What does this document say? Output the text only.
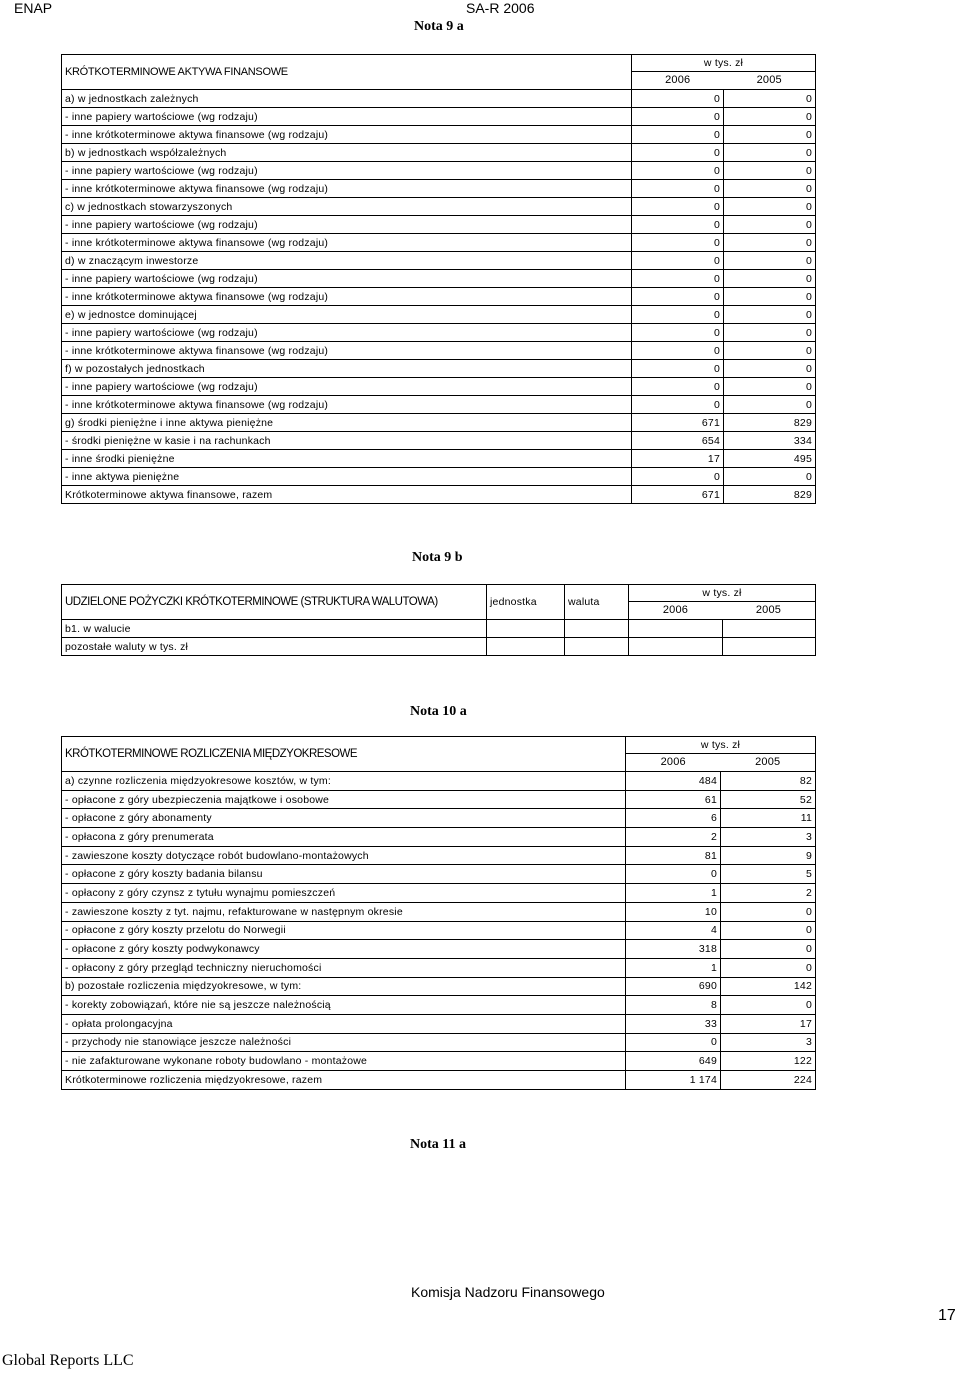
ENAP	SA-R 2006
Nota 9 a
KRÓTKOTERMINOWE AKTYWA FINANSOWE	w tys. zł
2006 2005	

a) w jednostkach zależnych	0	0
- inne papiery wartościowe (wg rodzaju)	0	0
- inne krótkoterminowe aktywa finansowe (wg rodzaju)	0	0
b) w jednostkach współzależnych	0	0
- inne papiery wartościowe (wg rodzaju)	0	0
- inne krótkoterminowe aktywa finansowe (wg rodzaju)	0	0
c) w jednostkach stowarzyszonych	0	0
- inne papiery wartościowe (wg rodzaju)	0	0
- inne krótkoterminowe aktywa finansowe (wg rodzaju)	0	0
d) w znaczącym inwestorze	0	0
- inne papiery wartościowe (wg rodzaju)	0	0
- inne krótkoterminowe aktywa finansowe (wg rodzaju)	0	0
e) w jednostce dominującej	0	0
- inne papiery wartościowe (wg rodzaju)	0	0
- inne krótkoterminowe aktywa finansowe (wg rodzaju)	0	0
f) w pozostałych jednostkach	0	0
- inne papiery wartościowe (wg rodzaju)	0	0
- inne krótkoterminowe aktywa finansowe (wg rodzaju)	0	0
g) środki pieniężne i inne aktywa pieniężne	671	829
- środki pieniężne w kasie i na rachunkach	654	334
- inne środki pieniężne	17	495
- inne aktywa pieniężne	0	0
Krótkoterminowe aktywa finansowe, razem	671	829
Nota 9 b
UDZIELONE POŻYCZKI KRÓTKOTERMINOWE (STRUKTURA WALUTOWA)	jednostka	waluta	w tys. zł
2006 2005	

b1. w walucie				
pozostałe waluty w tys. zł				
Nota 10 a
KRÓTKOTERMINOWE ROZLICZENIA MIĘDZYOKRESOWE	w tys. zł
2006 2005	

a) czynne rozliczenia międzyokresowe kosztów, w tym:	484	82
- opłacone z góry ubezpieczenia majątkowe i osobowe	61	52
- opłacone z góry abonamenty	6	11
- opłacona z góry prenumerata	2	3
- zawieszone koszty dotyczące robót budowlano-montażowych	81	9
- opłacone z góry koszty badania bilansu	0	5
- opłacony z góry czynsz z tytułu wynajmu pomieszczeń	1	2
- zawieszone koszty z tyt. najmu, refakturowane w następnym okresie	10	0
- opłacone z góry koszty przelotu do Norwegii	4	0
- opłacone z góry koszty podwykonawcy	318	0
- opłacony z góry przegląd techniczny nieruchomości	1	0
b) pozostałe rozliczenia międzyokresowe, w tym:	690	142
- korekty zobowiązań, które nie są jeszcze należnością	8	0
- opłata prolongacyjna	33	17
- przychody nie stanowiące jeszcze należności	0	3
- nie zafakturowane wykonane roboty budowlano - montażowe	649	122
Krótkoterminowe rozliczenia międzyokresowe, razem	1 174	224
Nota 11 a
Komisja Nadzoru Finansowego
17
Global Reports LLC
